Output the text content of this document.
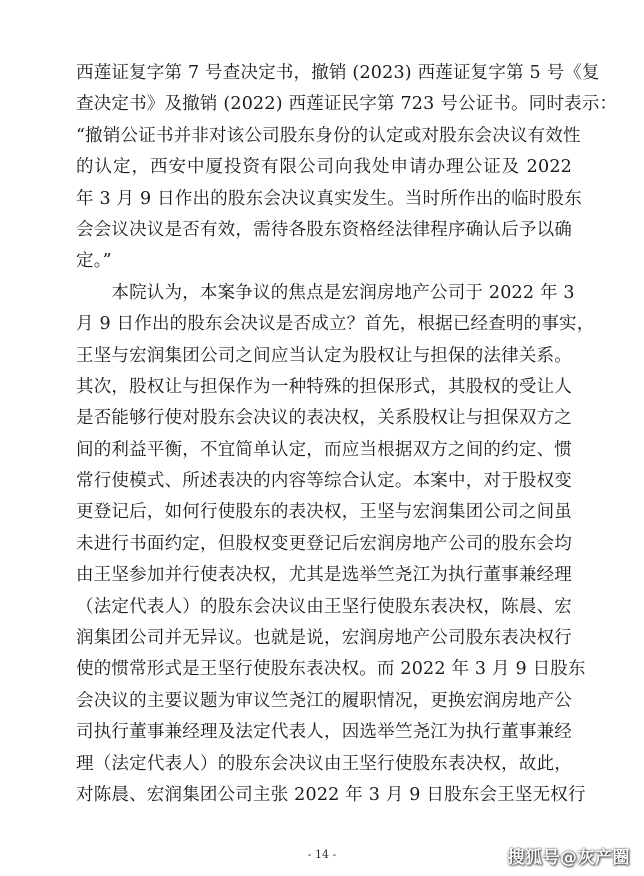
西莲证复字第 7 号查决定书，撤销 (2023) 西莲证复字第 5 号《复
查决定书》及撤销 (2022) 西莲证民字第 723 号公证书。同时表示：
“撤销公证书并非对该公司股东身份的认定或对股东会决议有效性
的认定，西安中厦投资有限公司向我处申请办理公证及 2022
年 3 月 9 日作出的股东会决议真实发生。当时所作出的临时股东
会会议决议是否有效，需待各股东资格经法律程序确认后予以确
定。”
　　本院认为，本案争议的焦点是宏润房地产公司于 2022 年 3
月 9 日作出的股东会决议是否成立？首先，根据已经查明的事实，
王坚与宏润集团公司之间应当认定为股权让与担保的法律关系。
其次，股权让与担保作为一种特殊的担保形式，其股权的受让人
是否能够行使对股东会决议的表决权，关系股权让与担保双方之
间的利益平衡，不宜简单认定，而应当根据双方之间的约定、惯
常行使模式、所述表决的内容等综合认定。本案中，对于股权变
更登记后，如何行使股东的表决权，王坚与宏润集团公司之间虽
未进行书面约定，但股权变更登记后宏润房地产公司的股东会均
由王坚参加并行使表决权，尤其是选举竺尧江为执行董事兼经理
（法定代表人）的股东会决议由王坚行使股东表决权，陈晨、宏
润集团公司并无异议。也就是说，宏润房地产公司股东表决权行
使的惯常形式是王坚行使股东表决权。而 2022 年 3 月 9 日股东
会决议的主要议题为审议竺尧江的履职情况，更换宏润房地产公
司执行董事兼经理及法定代表人，因选举竺尧江为执行董事兼经
理（法定代表人）的股东会决议由王坚行使股东表决权，故此，
对陈晨、宏润集团公司主张 2022 年 3 月 9 日股东会王坚无权行
- 14 -	搜狐号@灰产圈
